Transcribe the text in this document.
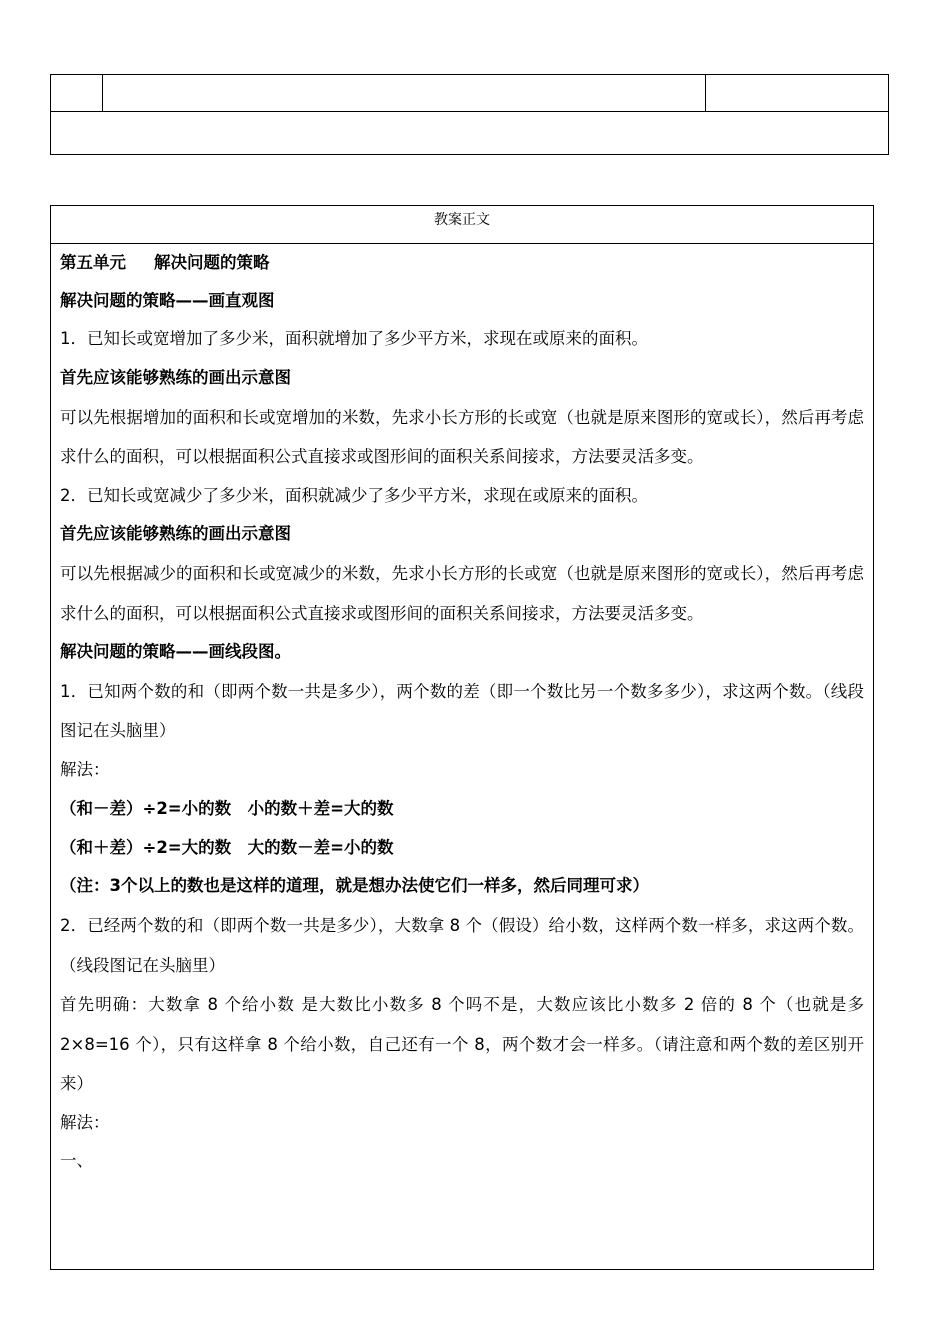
教案正文
第五单元 解决问题的策略
解决问题的策略——画直观图
1．已知长或宽增加了多少米，面积就增加了多少平方米，求现在或原来的面积。
首先应该能够熟练的画出示意图
可以先根据增加的面积和长或宽增加的米数，先求小长方形的长或宽（也就是原来图形的宽或长），然后再考虑求什么的面积，可以根据面积公式直接求或图形间的面积关系间接求，方法要灵活多变。
2．已知长或宽减少了多少米，面积就减少了多少平方米，求现在或原来的面积。
首先应该能够熟练的画出示意图
可以先根据减少的面积和长或宽减少的米数，先求小长方形的长或宽（也就是原来图形的宽或长），然后再考虑求什么的面积，可以根据面积公式直接求或图形间的面积关系间接求，方法要灵活多变。
解决问题的策略——画线段图。
1．已知两个数的和（即两个数一共是多少），两个数的差（即一个数比另一个数多多少），求这两个数。（线段图记在头脑里）
解法：
（和－差）÷2=小的数　小的数＋差=大的数
（和＋差）÷2=大的数　大的数－差=小的数
（注：3个以上的数也是这样的道理，就是想办法使它们一样多，然后同理可求）
2．已经两个数的和（即两个数一共是多少），大数拿 8 个（假设）给小数，这样两个数一样多，求这两个数。（线段图记在头脑里）
首先明确：大数拿 8 个给小数 是大数比小数多 8 个吗不是，大数应该比小数多 2 倍的 8 个（也就是多 2×8=16 个），只有这样拿 8 个给小数，自己还有一个 8，两个数才会一样多。（请注意和两个数的差区别开来）
解法：
一、
